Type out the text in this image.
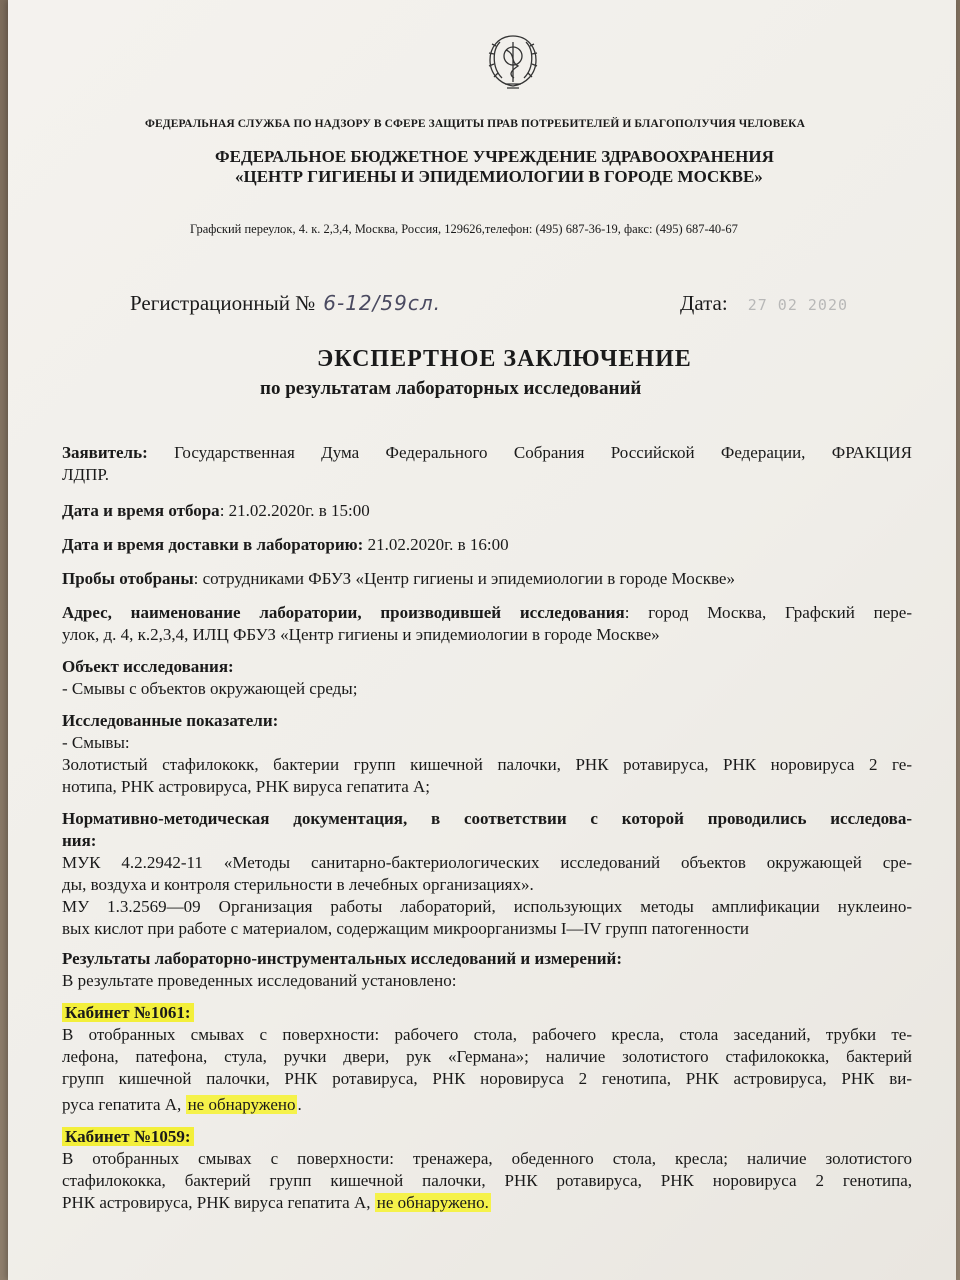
ФЕДЕРАЛЬНАЯ СЛУЖБА ПО НАДЗОРУ В СФЕРЕ ЗАЩИТЫ ПРАВ ПОТРЕБИТЕЛЕЙ И БЛАГОПОЛУЧИЯ ЧЕЛОВЕКА
ФЕДЕРАЛЬНОЕ БЮДЖЕТНОЕ УЧРЕЖДЕНИЕ ЗДРАВООХРАНЕНИЯ
«ЦЕНТР ГИГИЕНЫ И ЭПИДЕМИОЛОГИИ В ГОРОДЕ МОСКВЕ»
Графский переулок, 4. к. 2,3,4, Москва, Россия, 129626,телефон: (495) 687-36-19, факс: (495) 687-40-67
Регистрационный № 6-12/59сл.	Дата: 27 02 2020
ЭКСПЕРТНОЕ ЗАКЛЮЧЕНИЕ
по результатам лабораторных исследований
Заявитель: Государственная Дума Федерального Собрания Российской Федерации, ФРАКЦИЯ
ЛДПР.
Дата и время отбора: 21.02.2020г. в 15:00
Дата и время доставки в лабораторию: 21.02.2020г. в 16:00
Пробы отобраны: сотрудниками ФБУЗ «Центр гигиены и эпидемиологии в городе Москве»
Адрес, наименование лаборатории, производившей исследования: город Москва, Графский пере-
улок, д. 4, к.2,3,4, ИЛЦ ФБУЗ «Центр гигиены и эпидемиологии в городе Москве»
Объект исследования:
- Смывы с объектов окружающей среды;
Исследованные показатели:
- Смывы:
Золотистый стафилококк, бактерии групп кишечной палочки, РНК ротавируса, РНК норовируса 2 ге-
нотипа, РНК астровируса, РНК вируса гепатита А;
Нормативно-методическая документация, в соответствии с которой проводились исследова-
ния:
МУК 4.2.2942-11 «Методы санитарно-бактериологических исследований объектов окружающей сре-
ды, воздуха и контроля стерильности в лечебных организациях».
МУ 1.3.2569—09 Организация работы лабораторий, использующих методы амплификации нуклеино-
вых кислот при работе с материалом, содержащим микроорганизмы I—IV групп патогенности
Результаты лабораторно-инструментальных исследований и измерений:
В результате проведенных исследований установлено:
Кабинет №1061:
В отобранных смывах с поверхности: рабочего стола, рабочего кресла, стола заседаний, трубки те-
лефона, патефона, стула, ручки двери, рук «Германа»; наличие золотистого стафилококка, бактерий
групп кишечной палочки, РНК ротавируса, РНК норовируса 2 генотипа, РНК астровируса, РНК ви-
руса гепатита А, не обнаружено .
Кабинет №1059:
В отобранных смывах с поверхности: тренажера, обеденного стола, кресла; наличие золотистого
стафилококка, бактерий групп кишечной палочки, РНК ротавируса, РНК норовируса 2 генотипа,
РНК астровируса, РНК вируса гепатита А, не обнаружено.
